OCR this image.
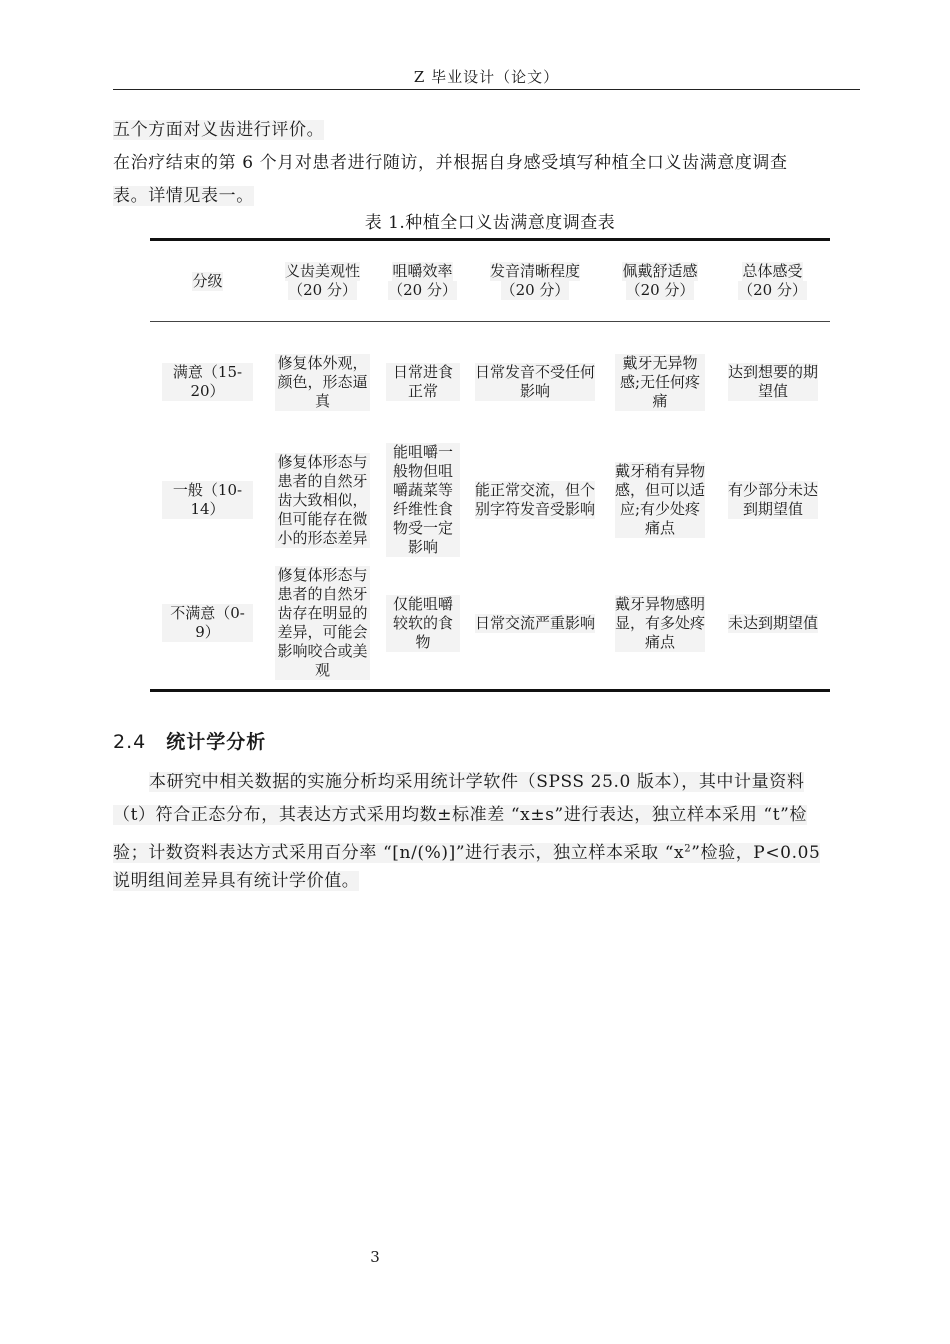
Z 毕业设计（论文）
五个方面对义齿进行评价。
在治疗结束的第 6 个月对患者进行随访，并根据自身感受填写种植全口义齿满意度调查
表。详情见表一。
表 1.种植全口义齿满意度调查表
分级
义齿美观性
（20 分）
咀嚼效率
（20 分）
发音清晰程度
（20 分）
佩戴舒适感
（20 分）
总体感受
（20 分）
满意（15-20）
修复体外观，颜色，形态逼真
日常进食正常
日常发音不受任何影响
戴牙无异物感;无任何疼痛
达到想要的期望值
一般（10-14）
修复体形态与患者的自然牙齿大致相似，但可能存在微小的形态差异
能咀嚼一般物但咀嚼蔬菜等纤维性食物受一定影响
能正常交流，但个别字符发音受影响
戴牙稍有异物感，但可以适应;有少处疼痛点
有少部分未达到期望值
不满意（0-9）
修复体形态与患者的自然牙齿存在明显的差异，可能会影响咬合或美观
仅能咀嚼较软的食物
日常交流严重影响
戴牙异物感明显，有多处疼痛点
未达到期望值
2.4 统计学分析
本研究中相关数据的实施分析均采用统计学软件（SPSS 25.0 版本），其中计量资料
（t）符合正态分布，其表达方式采用均数±标准差 “x±s”进行表达，独立样本采用 “t”检
验；计数资料表达方式采用百分率 “[n/(%)]”进行表示，独立样本采取 “$x^2$”检验，P<0.05
说明组间差异具有统计学价值。
3
